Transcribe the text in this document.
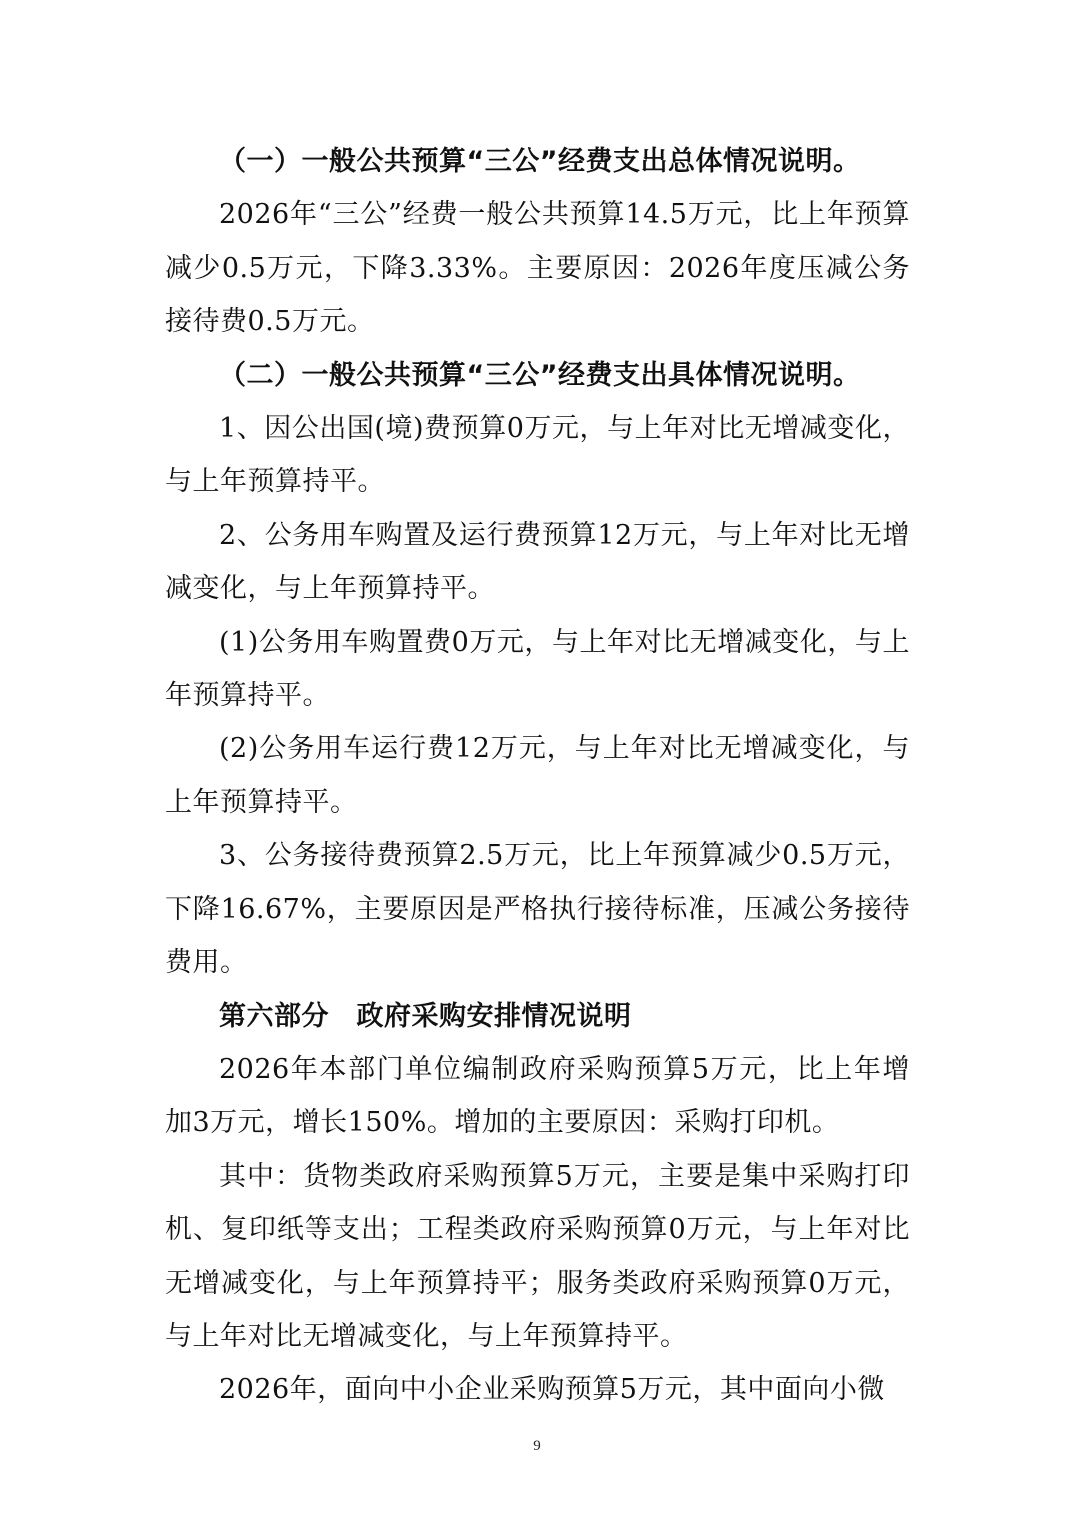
（一）一般公共预算“三公”经费支出总体情况说明。

2026年“三公”经费一般公共预算14.5万元，比上年预算减少0.5万元，下降3.33%。主要原因：2026年度压减公务接待费0.5万元。

（二）一般公共预算“三公”经费支出具体情况说明。

1、因公出国(境)费预算0万元，与上年对比无增减变化，与上年预算持平。

2、公务用车购置及运行费预算12万元，与上年对比无增减变化，与上年预算持平。

(1)公务用车购置费0万元，与上年对比无增减变化，与上年预算持平。

(2)公务用车运行费12万元，与上年对比无增减变化，与上年预算持平。

3、公务接待费预算2.5万元，比上年预算减少0.5万元，下降16.67%，主要原因是严格执行接待标准，压减公务接待费用。

第六部分　政府采购安排情况说明

2026年本部门单位编制政府采购预算5万元，比上年增加3万元，增长150%。增加的主要原因：采购打印机。

其中：货物类政府采购预算5万元，主要是集中采购打印机、复印纸等支出；工程类政府采购预算0万元，与上年对比无增减变化，与上年预算持平；服务类政府采购预算0万元，与上年对比无增减变化，与上年预算持平。

2026年，面向中小企业采购预算5万元，其中面向小微

9
